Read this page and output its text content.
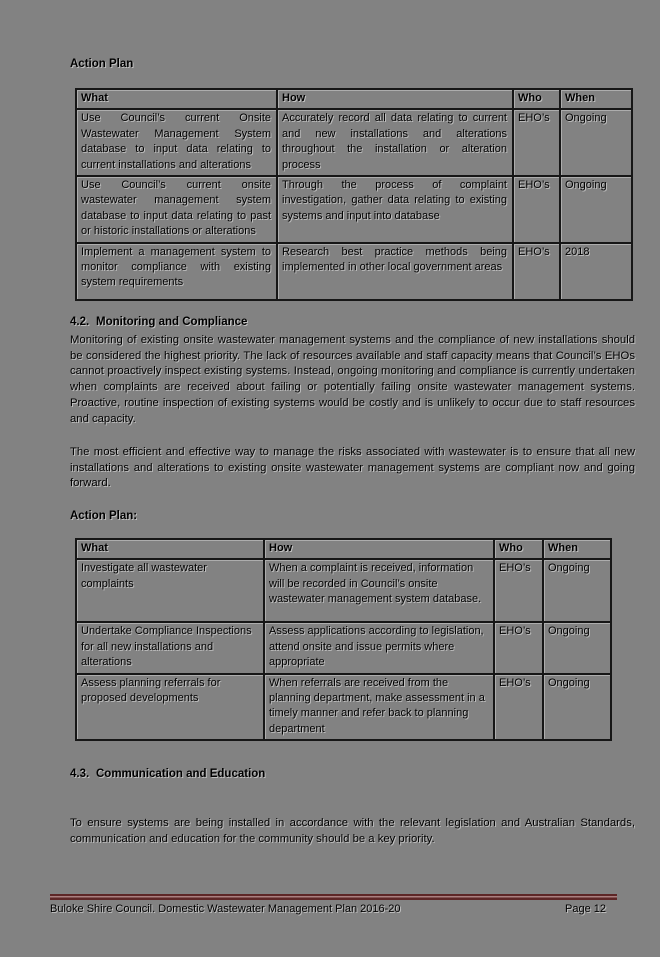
Action Plan
What	How	Who	When
Use Council’s current Onsite Wastewater Management System database to input data relating to current installations and alterations	Accurately record all data relating to current and new installations and alterations throughout the installation or alteration process	EHO’s	Ongoing
Use Council’s current onsite wastewater management system database to input data relating to past or historic installations or alterations	Through the process of complaint investigation, gather data relating to existing systems and input into database	EHO’s	Ongoing
Implement a management system to monitor compliance with existing system requirements	Research best practice methods being implemented in other local government areas	EHO’s	2018
4.2. Monitoring and Compliance

Monitoring of existing onsite wastewater management systems and the compliance of new installations should be considered the highest priority. The lack of resources available and staff capacity means that Council’s EHOs cannot proactively inspect existing systems. Instead, ongoing monitoring and compliance is currently undertaken when complaints are received about failing or potentially failing onsite wastewater management systems. Proactive, routine inspection of existing systems would be costly and is unlikely to occur due to staff resources and capacity.

The most efficient and effective way to manage the risks associated with wastewater is to ensure that all new installations and alterations to existing onsite wastewater management systems are compliant now and going forward.

Action Plan:
What	How	Who	When
Investigate all wastewater complaints	When a complaint is received, information will be recorded in Council’s onsite wastewater management system database.	EHO’s	Ongoing
Undertake Compliance Inspections for all new installations and alterations	Assess applications according to legislation, attend onsite and issue permits where appropriate	EHO’s	Ongoing
Assess planning referrals for proposed developments	When referrals are received from the planning department, make assessment in a timely manner and refer back to planning department	EHO’s	Ongoing
4.3. Communication and Education

To ensure systems are being installed in accordance with the relevant legislation and Australian Standards, communication and education for the community should be a key priority.

Buloke Shire Council. Domestic Wastewater Management Plan 2016-20	Page 12
